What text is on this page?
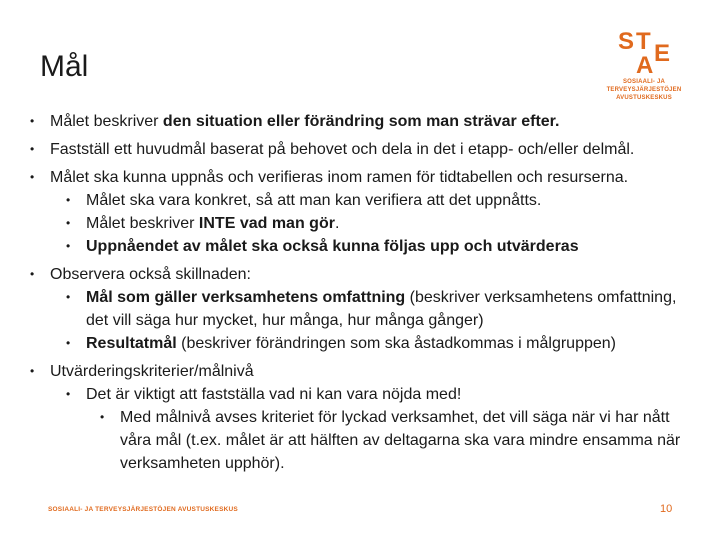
Mål
S T E
A
SOSIAALI- JA
TERVEYSJÄRJESTÖJEN
AVUSTUSKESKUS
• Målet beskriver den situation eller förändring som man strävar efter.
• Fastställ ett huvudmål baserat på behovet och dela in det i etapp- och/eller delmål.
• Målet ska kunna uppnås och verifieras inom ramen för tidtabellen och resurserna.
• Målet ska vara konkret, så att man kan verifiera att det uppnåtts.
• Målet beskriver INTE vad man gör.
• Uppnåendet av målet ska också kunna följas upp och utvärderas
• Observera också skillnaden:
• Mål som gäller verksamhetens omfattning (beskriver verksamhetens omfattning, det vill säga hur mycket, hur många, hur många gånger)
• Resultatmål (beskriver förändringen som ska åstadkommas i målgruppen)
• Utvärderingskriterier/målnivå
• Det är viktigt att fastställa vad ni kan vara nöjda med!
• Med målnivå avses kriteriet för lyckad verksamhet, det vill säga när vi har nått våra mål (t.ex. målet är att hälften av deltagarna ska vara mindre ensamma när verksamheten upphör).
SOSIAALI- JA TERVEYSJÄRJESTÖJEN AVUSTUSKESKUS	10
